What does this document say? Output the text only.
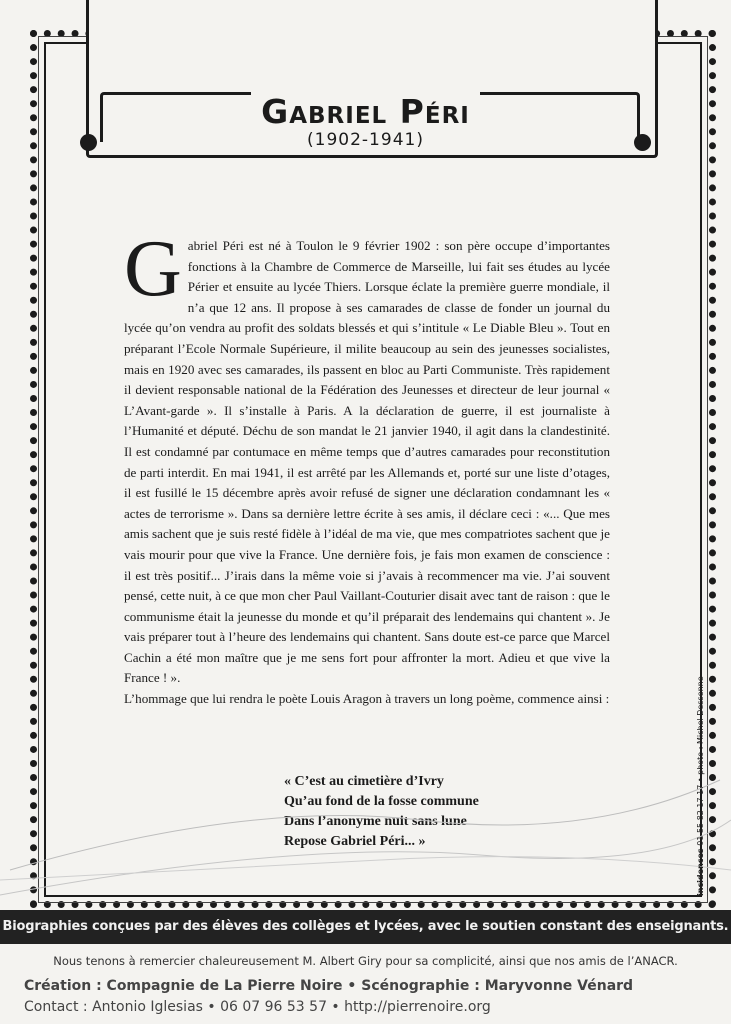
Gabriel Péri
(1902-1941)
G abriel Péri est né à Toulon le 9 février 1902 : son père occupe d’importantes fonctions à la Chambre de Commerce de Marseille, lui fait ses études au lycée Périer et ensuite au lycée Thiers. Lorsque éclate la première guerre mondiale, il n’a que 12 ans. Il propose à ses camarades de classe de fonder un journal du lycée qu’on vendra au profit des soldats blessés et qui s’intitule « Le Diable Bleu ». Tout en préparant l’Ecole Normale Supérieure, il milite beaucoup au sein des jeunesses socialistes, mais en 1920 avec ses camarades, ils passent en bloc au Parti Communiste. Très rapidement il devient responsable national de la Fédération des Jeunesses et directeur de leur journal « L’Avant-garde ». Il s’installe à Paris. A la déclaration de guerre, il est journaliste à l’Humanité et député. Déchu de son mandat le 21 janvier 1940, il agit dans la clandestinité. Il est condamné par contumace en même temps que d’autres camarades pour reconstitution de parti interdit. En mai 1941, il est arrêté par les Allemands et, porté sur une liste d’otages, il est fusillé le 15 décembre après avoir refusé de signer une déclaration condamnant les « actes de terrorisme ». Dans sa dernière lettre écrite à ses amis, il déclare ceci : «... Que mes amis sachent que je suis resté fidèle à l’idéal de ma vie, que mes compatriotes sachent que je vais mourir pour que vive la France. Une dernière fois, je fais mon examen de conscience : il est très positif... J’irais dans la même voie si j’avais à recommencer ma vie. J’ai souvent pensé, cette nuit, à ce que mon cher Paul Vaillant-Couturier disait avec tant de raison : que le communisme était la jeunesse du monde et qu’il préparait des lendemains qui chantent ». Je vais préparer tout à l’heure des lendemains qui chantent. Sans doute est-ce parce que Marcel Cachin a été mon maître que je me sens fort pour affronter la mort. Adieu et que vive la France ! ».

L’hommage que lui rendra le poète Louis Aragon à travers un long poème, commence ainsi :

« C’est au cimetière d’Ivry
Qu’au fond de la fosse commune
Dans l’anonyme nuit sans lune
Repose Gabriel Péri... »
incidences 01 55 82 17 17 • photo : Michel Dessenne
Biographies conçues par des élèves des collèges et lycées, avec le soutien constant des enseignants.
Nous tenons à remercier chaleureusement M. Albert Giry pour sa complicité, ainsi que nos amis de l’ANACR.
Création : Compagnie de La Pierre Noire • Scénographie : Maryvonne Vénard
Contact : Antonio Iglesias • 06 07 96 53 57 • http://pierrenoire.org
